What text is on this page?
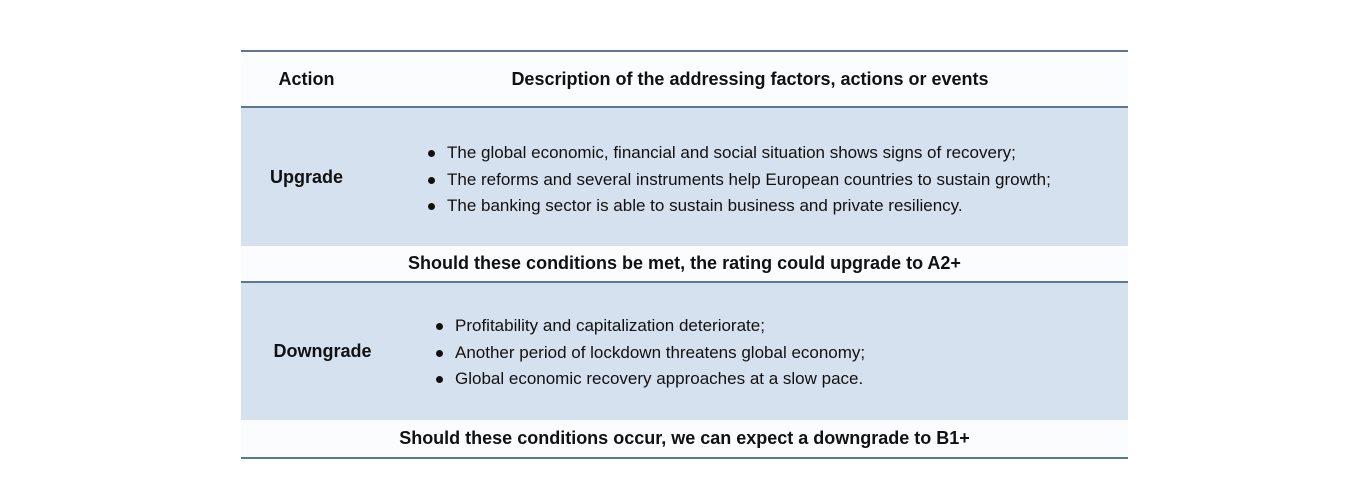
Action	Description of the addressing factors, actions or events
Upgrade
The global economic, financial and social situation shows signs of recovery;
The reforms and several instruments help European countries to sustain growth;
The banking sector is able to sustain business and private resiliency.
Should these conditions be met, the rating could upgrade to A2+
Downgrade
Profitability and capitalization deteriorate;
Another period of lockdown threatens global economy;
Global economic recovery approaches at a slow pace.
Should these conditions occur, we can expect a downgrade to B1+
